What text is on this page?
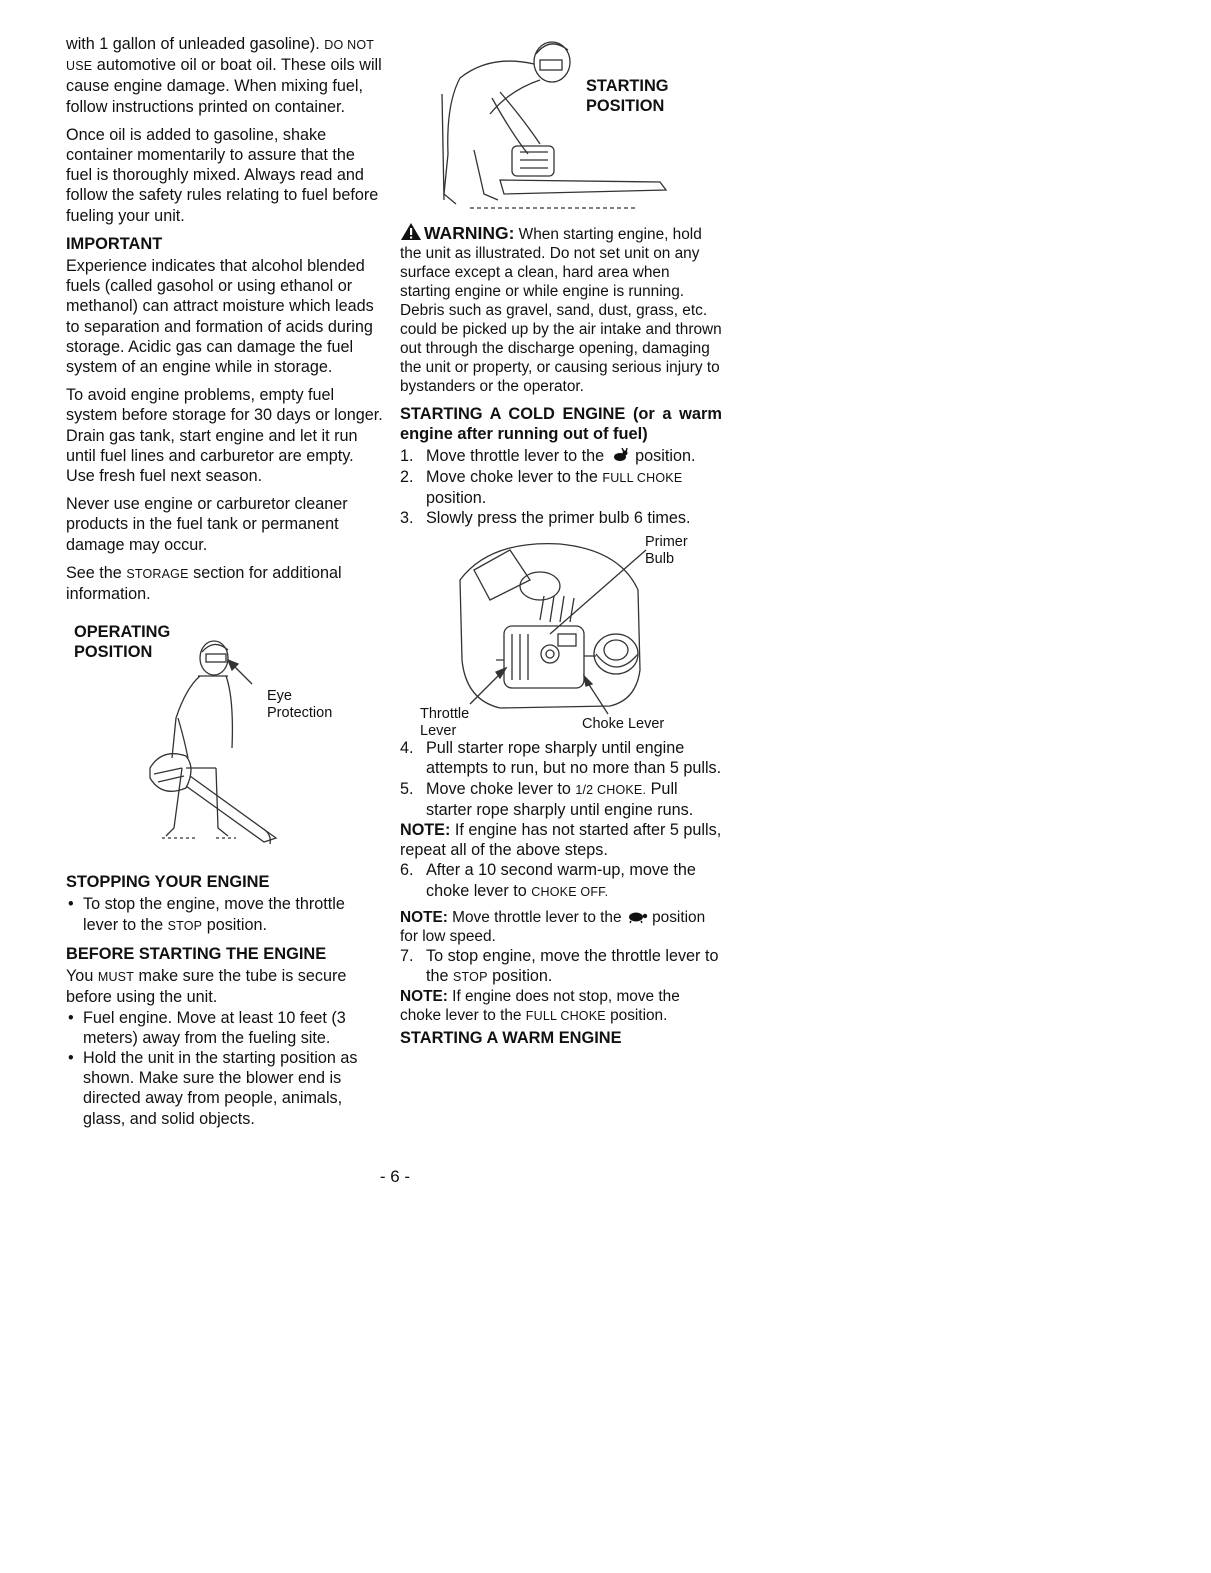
with 1 gallon of unleaded gasoline). DO NOT USE automotive oil or boat oil. These oils will cause engine damage. When mixing fuel, follow instructions printed on container.

Once oil is added to gasoline, shake container momentarily to assure that the fuel is thoroughly mixed. Always read and follow the safety rules relating to fuel before fueling your unit.

IMPORTANT

Experience indicates that alcohol blended fuels (called gasohol or using ethanol or methanol) can attract moisture which leads to separation and formation of acids during storage. Acidic gas can damage the fuel system of an engine while in storage.

To avoid engine problems, empty fuel system before storage for 30 days or longer. Drain gas tank, start engine and let it run until fuel lines and carburetor are empty. Use fresh fuel next season.

Never use engine or carburetor cleaner products in the fuel tank or permanent damage may occur.

See the STORAGE section for additional information.

OPERATING
POSITION
Eye
Protection
STOPPING YOUR ENGINE
• To stop the engine, move the throttle lever to the STOP position.
BEFORE STARTING THE ENGINE

You MUST make sure the tube is secure before using the unit.

• Fuel engine. Move at least 10 feet (3 meters) away from the fueling site.
• Hold the unit in the starting position as shown. Make sure the blower end is directed away from people, animals, glass, and solid objects.
STARTING
POSITION

WARNING: When starting engine, hold the unit as illustrated. Do not set unit on any surface except a clean, hard area when starting engine or while engine is running. Debris such as gravel, sand, dust, grass, etc. could be picked up by the air intake and thrown out through the discharge opening, damaging the unit or property, or causing serious injury to bystanders or the operator.

STARTING A COLD ENGINE (or a warm engine after running out of fuel)
1. Move throttle lever to the  position.
2. Move choke lever to the FULL CHOKE position.
3. Slowly press the primer bulb 6 times.
Primer
Bulb
Throttle
Lever	Choke Lever
4. Pull starter rope sharply until engine attempts to run, but no more than 5 pulls.
5. Move choke lever to 1/2 CHOKE. Pull starter rope sharply until engine runs.

NOTE: If engine has not started after 5 pulls, repeat all of the above steps.

6. After a 10 second warm-up, move the choke lever to CHOKE OFF.

NOTE: Move throttle lever to the  position for low speed.

7. To stop engine, move the throttle lever to the STOP position.

NOTE: If engine does not stop, move the choke lever to the FULL CHOKE position.

STARTING A WARM ENGINE
- 6 -
